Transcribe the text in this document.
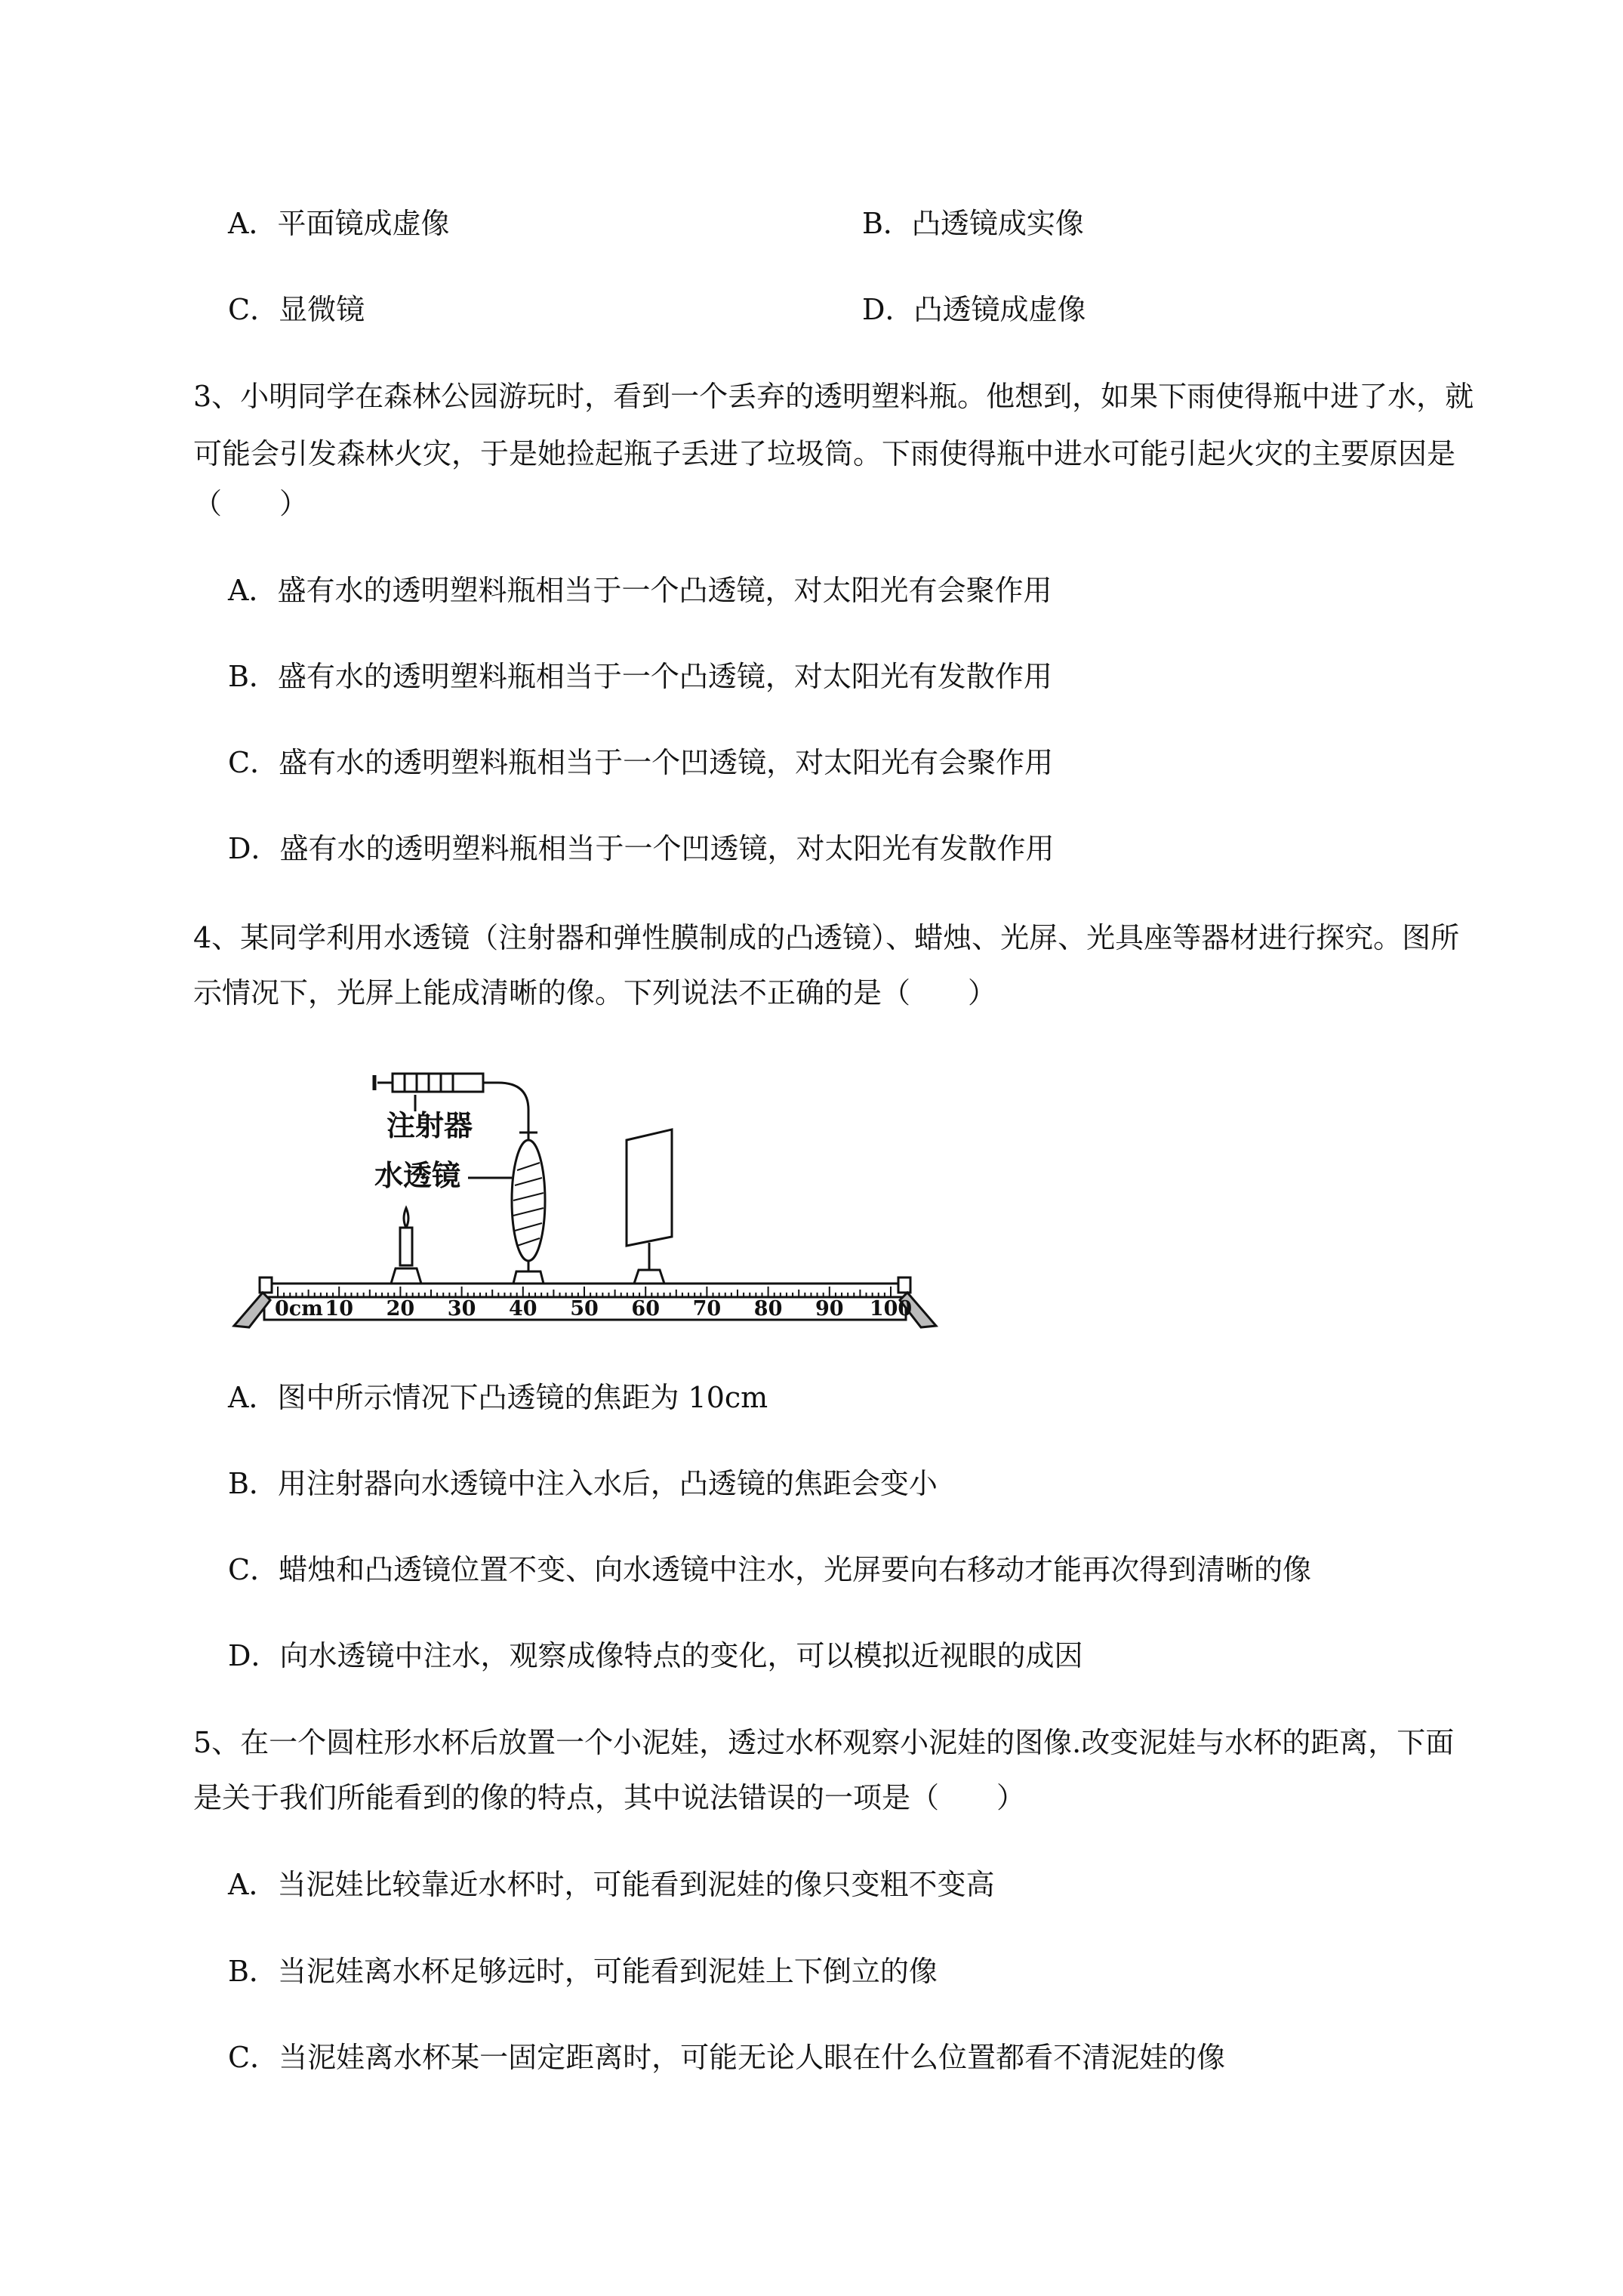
A．平面镜成虚像	B．凸透镜成实像
C．显微镜	D．凸透镜成虚像
3、小明同学在森林公园游玩时，看到一个丢弃的透明塑料瓶。他想到，如果下雨使得瓶中进了水，就
可能会引发森林火灾，于是她捡起瓶子丢进了垃圾筒。下雨使得瓶中进水可能引起火灾的主要原因是
（　　）
A．盛有水的透明塑料瓶相当于一个凸透镜，对太阳光有会聚作用
B．盛有水的透明塑料瓶相当于一个凸透镜，对太阳光有发散作用
C．盛有水的透明塑料瓶相当于一个凹透镜，对太阳光有会聚作用
D．盛有水的透明塑料瓶相当于一个凹透镜，对太阳光有发散作用
4、某同学利用水透镜（注射器和弹性膜制成的凸透镜）、蜡烛、光屏、光具座等器材进行探究。图所
示情况下，光屏上能成清晰的像。下列说法不正确的是（　　）
注射器
水透镜
0cm 10 20 30 40 50 60 70 80 90 100
A．图中所示情况下凸透镜的焦距为 10cm
B．用注射器向水透镜中注入水后，凸透镜的焦距会变小
C．蜡烛和凸透镜位置不变、向水透镜中注水，光屏要向右移动才能再次得到清晰的像
D．向水透镜中注水，观察成像特点的变化，可以模拟近视眼的成因
5、在一个圆柱形水杯后放置一个小泥娃，透过水杯观察小泥娃的图像.改变泥娃与水杯的距离，下面
是关于我们所能看到的像的特点，其中说法错误的一项是（　　）
A．当泥娃比较靠近水杯时，可能看到泥娃的像只变粗不变高
B．当泥娃离水杯足够远时，可能看到泥娃上下倒立的像
C．当泥娃离水杯某一固定距离时，可能无论人眼在什么位置都看不清泥娃的像
